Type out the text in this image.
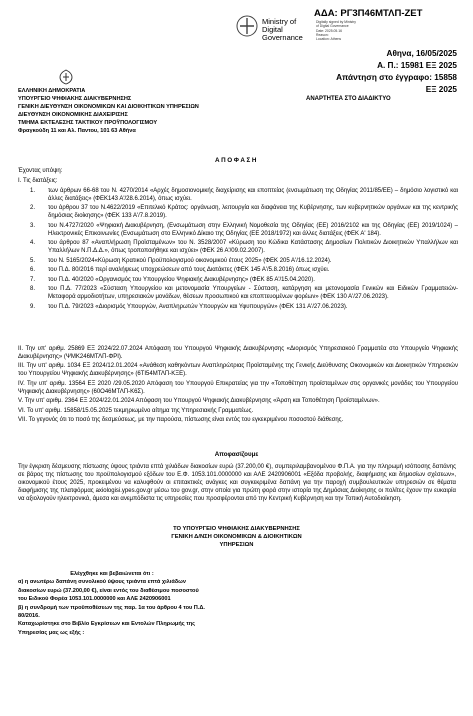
ΑΔΑ: ΡΓ3Π46ΜΤΛΠ-ΖΕΤ
Ministry of
Digital
Governance
Digitally signed by Ministry
of Digital Governance
Date: 2025.05.16
Reason:
Location: Athens
Αθηνα, 16/05/2025
Α. Π.: 15981 ΕΞ 2025
Απάντηση στο έγγραφο: 15858
ΕΞ 2025
ΑΝΑΡΤΗΤΕΑ ΣΤΟ ΔΙΑΔΙΚΤΥΟ
ΕΛΛΗΝΙΚΗ ΔΗΜΟΚΡΑΤΙΑ
ΥΠΟΥΡΓΕΙΟ ΨΗΦΙΑΚΗΣ ΔΙΑΚΥΒΕΡΝΗΣΗΣ
ΓΕΝΙΚΗ ΔΙΕΥΘΥΝΣΗ ΟΙΚΟΝΟΜΙΚΩΝ ΚΑΙ ΔΙΟΙΚΗΤΙΚΩΝ ΥΠΗΡΕΣΙΩΝ
ΔΙΕΥΘΥΝΣΗ ΟΙΚΟΝΟΜΙΚΗΣ ΔΙΑΧΕΙΡΙΣΗΣ
ΤΜΗΜΑ ΕΚΤΕΛΕΣΗΣ ΤΑΚΤΙΚΟΥ ΠΡΟΫΠΟΛΟΓΙΣΜΟΥ
Φραγκούδη 11 και Αλ. Παντου, 101 63 Αθήνα
ΑΠΟΦΑΣΗ
Έχοντας υπόψη:
I. Τις διατάξεις:
1. των άρθρων 66-68 του Ν. 4270/2014 «Αρχές δημοσιονομικής διαχείρισης και εποπτείας (ενσωμάτωση της Οδηγίας 2011/85/ΕΕ) – δημόσιο λογιστικό και άλλες διατάξεις» (ΦΕΚ143 Α'/28.6.2014), όπως ισχύει.
2. του άρθρου 37 του Ν.4622/2019 «Επιτελικό Κράτος: οργάνωση, λειτουργία και διαφάνεια της Κυβέρνησης, των κυβερνητικών οργάνων και της κεντρικής δημόσιας διοίκησης» (ΦΕΚ 133 Α'/7.8.2019).
3. του Ν.4727/2020 «Ψηφιακή Διακυβέρνηση, (Ενσωμάτωση στην Ελληνική Νομοθεσία της Οδηγίας (ΕΕ) 2016/2102 και της Οδηγίας (ΕΕ) 2019/1024) – Ηλεκτρονικές Επικοινωνίες (Ενσωμάτωση στο Ελληνικό Δίκαιο της Οδηγίας (ΕΕ 2018/1972) και άλλες διατάξεις (ΦΕΚ Α' 184).
4. του άρθρου 87 «Αναπλήρωση Προϊσταμένων» του Ν. 3528/2007 «Κύρωση του Κώδικα Κατάστασης Δημοσίων Πολιτικών Διοικητικών Υπαλλήλων και Υπαλλήλων Ν.Π.Δ.Δ.», όπως τροποποιήθηκε και ισχύει» (ΦΕΚ 26 Α'/09.02.2007).
5. του Ν. 5165/2024«Κύρωση Κρατικού Προϋπολογισμού οικονομικού έτους 2025» (ΦΕΚ 205 Α'/16.12.2024).
6. του Π.Δ. 80/2016 περί αναλήψεως υποχρεώσεων από τους Διατάκτες (ΦΕΚ 145 Α'/5.8.2016) όπως ισχύει.
7. του Π.Δ. 40/2020 «Οργανισμός του Υπουργείου Ψηφιακής Διακυβέρνησης» (ΦΕΚ 85 Α'/15.04.2020).
8. του Π.Δ. 77/2023 «Σύσταση Υπουργείου και μετονομασία Υπουργείων - Σύσταση, κατάργηση και μετονομασία Γενικών και Ειδικών Γραμματειών-Μεταφορά αρμοδιοτήτων, υπηρεσιακών μονάδων, θέσεων προσωπικού και εποπτευομένων φορέων» (ΦΕΚ 130 Α'/27.06.2023).
9. του Π.Δ. 79/2023 «Διορισμός Υπουργών, Αναπληρωτών Υπουργών και Υφυπουργών» (ΦΕΚ 131 Α'/27.06.2023).
II. Την υπ' αριθμ. 25869 ΕΞ 2024/22.07.2024 Απόφαση του Υπουργού Ψηφιακής Διακυβέρνησης «Διορισμός Υπηρεσιακού Γραμματέα στο Υπουργείο Ψηφιακής Διακυβέρνησης» (ΨΜΚ246ΜΤΛΠ-ΦΡΙ).
III. Την υπ' αριθμ. 1034 ΕΞ 2024/12.01.2024 «Ανάθεση καθηκόντων Αναπληρώτριας Προϊσταμένης της Γενικής Διεύθυνσης Οικονομικών και Διοικητικών Υπηρεσιών του Υπουργείου Ψηφιακής Διακυβέρνησης» (6ΤΙ54ΜΤΛΠ-ΚΞΕ).
IV. Την υπ' αριθμ. 13564 ΕΞ 2020 /29.05.2020 Απόφαση του Υπουργού Επικρατείας για την «Τοποθέτηση προϊσταμένων στις οργανικές μονάδες του Υπουργείου Ψηφιακής Διακυβέρνησης» (60Ο46ΜΤΛΠ-Κ6Σ).
V. Την υπ' αριθμ. 2364 ΕΞ 2024/22.01.2024 Απόφαση του Υπουργού Ψηφιακής Διακυβέρνησης «Άρση και Τοποθέτηση Προϊσταμένων».
VI. Το υπ' αριθμ. 15858/15.05.2025 τεκμηριωμένο αίτημα της Υπηρεσιακής Γραμματέως.
VII. Το γεγονός ότι το ποσό της δεσμεύσεως, με την παρούσα, πίστωσης είναι εντός του εγκεκριμένου ποσοστού διάθεσης.
Αποφασίζουμε
Την έγκριση δέσμευσης πίστωσης ύψους τριάντα επτά χιλιάδων διακοσίων ευρώ (37.200,00 €), συμπεριλαμβανομένου Φ.Π.Α. για την πληρωμή ισόποσης δαπάνης σε βάρος της πίστωσης του προϋπολογισμού εξόδων του Ε.Φ. 1053.101.0000000 και ΑΛΕ 2420906001 «Εξόδα προβολής, διαφήμισης και δημοσίων σχέσεων», οικονομικού έτους 2025, προκειμένου να καλυφθούν οι επιτακτικές ανάγκες και συγκεκριμένα δαπάνη για την παροχή συμβουλευτικών υπηρεσιών σε θέματα διαφήμισης της πλατφόρμας axiologisi.ypes.gov.gr μέσω του gov.gr, στην οποία για πρώτη φορά στην ιστορία της Δημόσιας Διοίκησης οι πολίτες έχουν την ευκαιρία να αξιολογούν ηλεκτρονικά, άμεσα και ανεμπόδιστα τις υπηρεσίες που προσφέρονται από την Κεντρική Κυβέρνηση και την Τοπική Αυτοδιοίκηση.
ΤΟ ΥΠΟΥΡΓΕΙΟ ΨΗΦΙΑΚΗΣ ΔΙΑΚΥΒΕΡΝΗΣΗΣ
ΓΕΝΙΚΗ Δ/ΝΣΗ ΟΙΚΟΝΟΜΙΚΩΝ & ΔΙΟΙΚΗΤΙΚΩΝ
ΥΠΗΡΕΣΙΩΝ
Ελέγχθηκε και βεβαιώνεται ότι :
α) η ανωτέρω δαπάνη συνολικού ύψους τριάντα επτά χιλιάδων διακοσίων ευρώ (37.200,00 €), είναι εντός του διαθέσιμου ποσοστού του Ειδικού Φορέα 1053.101.0000000 και ΑΛΕ 2420906001
β) η συνδρομή των προϋποθέσεων της παρ. 1α του άρθρου 4 του Π.Δ. 80/2016.
Καταχωρίστηκε στο Βιβλίο Εγκρίσεων και Εντολών Πληρωμής της Υπηρεσίας μας ως εξής :
